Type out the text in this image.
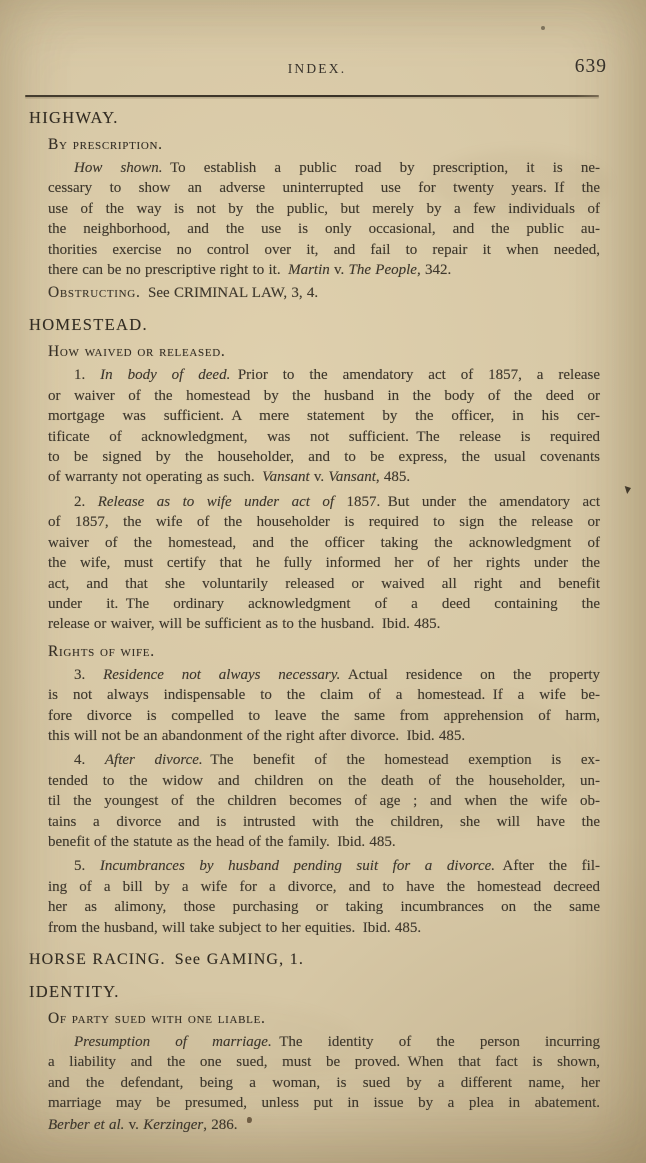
INDEX.	639
HIGHWAY.
By prescription.
How shown. To establish a public road by prescription, it is ne-
cessary to show an adverse uninterrupted use for twenty years. If the
use of the way is not by the public, but merely by a few individuals of
the neighborhood, and the use is only occasional, and the public au-
thorities exercise no control over it, and fail to repair it when needed,
there can be no prescriptive right to it. Martin v. The People, 342.
Obstructing. See CRIMINAL LAW, 3, 4.
HOMESTEAD.
How waived or released.
1. In body of deed. Prior to the amendatory act of 1857, a release
or waiver of the homestead by the husband in the body of the deed or
mortgage was sufficient. A mere statement by the officer, in his cer-
tificate of acknowledgment, was not sufficient. The release is required
to be signed by the householder, and to be express, the usual covenants
of warranty not operating as such. Vansant v. Vansant, 485.
2. Release as to wife under act of 1857. But under the amendatory act
of 1857, the wife of the householder is required to sign the release or
waiver of the homestead, and the officer taking the acknowledgment of
the wife, must certify that he fully informed her of her rights under the
act, and that she voluntarily released or waived all right and benefit
under it. The ordinary acknowledgment of a deed containing the
release or waiver, will be sufficient as to the husband. Ibid. 485.
Rights of wife.
3. Residence not always necessary. Actual residence on the property
is not always indispensable to the claim of a homestead. If a wife be-
fore divorce is compelled to leave the same from apprehension of harm,
this will not be an abandonment of the right after divorce. Ibid. 485.
4. After divorce. The benefit of the homestead exemption is ex-
tended to the widow and children on the death of the householder, un-
til the youngest of the children becomes of age ; and when the wife ob-
tains a divorce and is intrusted with the children, she will have the
benefit of the statute as the head of the family. Ibid. 485.
5. Incumbrances by husband pending suit for a divorce. After the fil-
ing of a bill by a wife for a divorce, and to have the homestead decreed
her as alimony, those purchasing or taking incumbrances on the same
from the husband, will take subject to her equities. Ibid. 485.
HORSE RACING. See GAMING, 1.
IDENTITY.
Of party sued with one liable.
Presumption of marriage. The identity of the person incurring
a liability and the one sued, must be proved. When that fact is shown,
and the defendant, being a woman, is sued by a different name, her
marriage may be presumed, unless put in issue by a plea in abatement.
Berber et al. v. Kerzinger, 286.
